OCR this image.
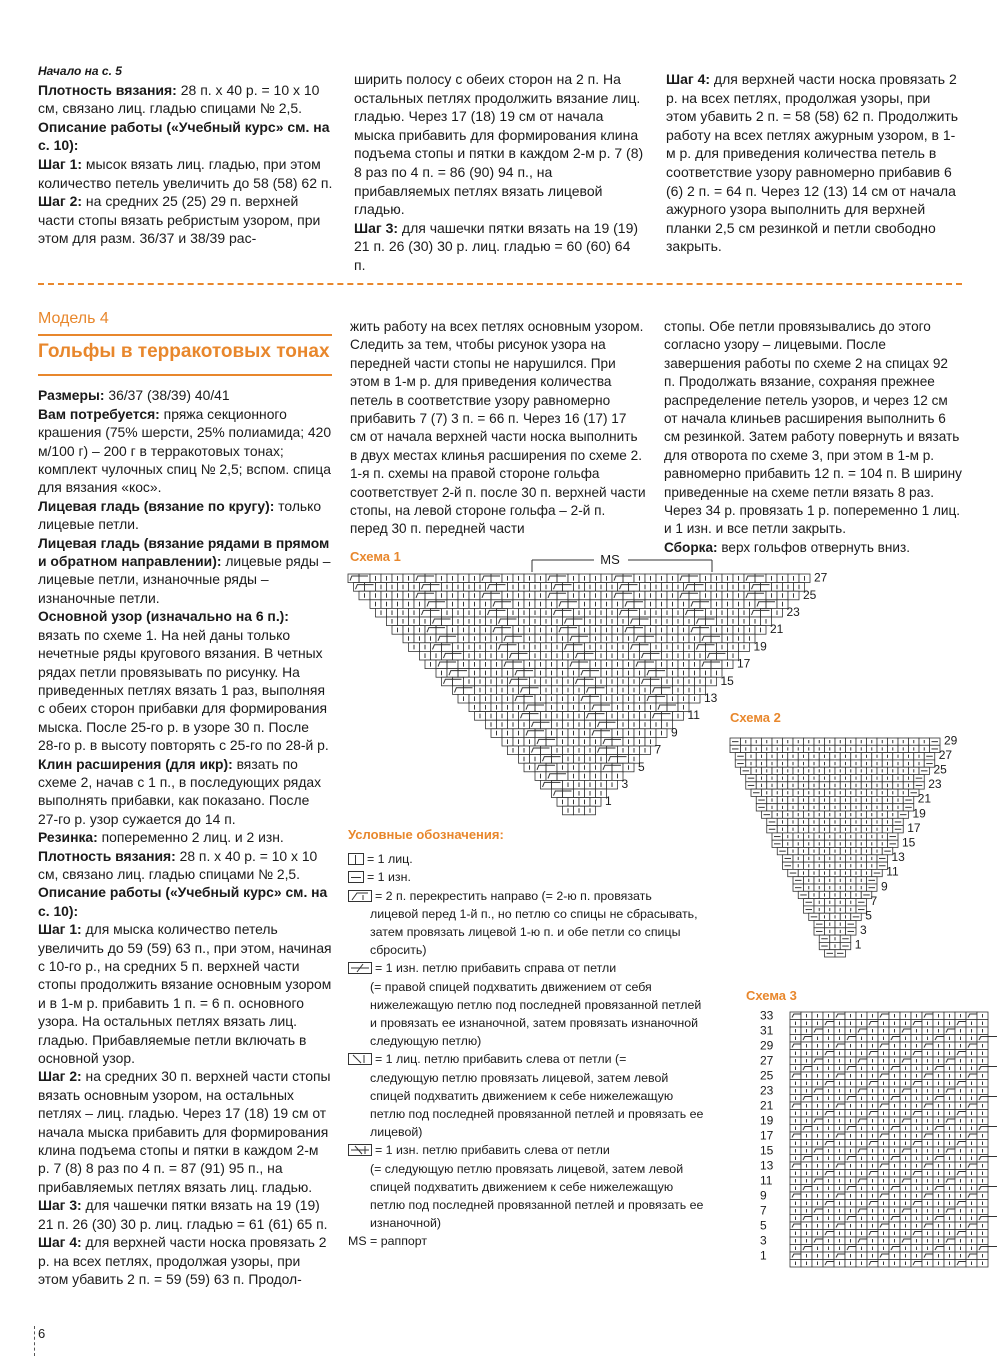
Начало на с. 5

Плотность вязания: 28 п. х 40 р. = 10 х 10 см, связано лиц. гладью спицами № 2,5.

Описание работы («Учебный курс» см. на с. 10):

Шаг 1: мысок вязать лиц. гладью, при этом количество петель увеличить до 58 (58) 62 п.

Шаг 2: на средних 25 (25) 29 п. верхней части стопы вязать ребристым узором, при этом для разм. 36/37 и 38/39 рас-

ширить полосу с обеих сторон на 2 п. На остальных петлях продолжить вязание лиц. гладью. Через 17 (18) 19 см от начала мыска прибавить для формирования клина подъема стопы и пятки в каждом 2-м р. 7 (8) 8 раз по 4 п. = 86 (90) 94 п., на прибавляемых петлях вязать лицевой гладью.

Шаг 3: для чашечки пятки вязать на 19 (19) 21 п. 26 (30) 30 р. лиц. гладью = 60 (60) 64 п.

Шаг 4: для верхней части носка провязать 2 р. на всех петлях, продолжая узоры, при этом убавить 2 п. = 58 (58) 62 п. Продолжить работу на всех петлях ажурным узором, в 1-м р. для приведения количества петель в соответствие узору равномерно прибавив 6 (6) 2 п. = 64 п. Через 12 (13) 14 см от начала ажурного узора выполнить для верхней планки 2,5 см резинкой и петли свободно закрыть.

Модель 4
Гольфы в терракотовых тонах

Размеры: 36/37 (38/39) 40/41

Вам потребуется: пряжа секционного крашения (75% шерсти, 25% полиамида; 420 м/100 г) – 200 г в терракотовых тонах; комплект чулочных спиц № 2,5; вспом. спица для вязания «кос».

Лицевая гладь (вязание по кругу): только лицевые петли.

Лицевая гладь (вязание рядами в прямом и обратном направлении): лицевые ряды – лицевые петли, изнаночные ряды – изнаночные петли.

Основной узор (изначально на 6 п.): вязать по схеме 1. На ней даны только нечетные ряды кругового вязания. В четных рядах петли провязывать по рисунку. На приведенных петлях вязать 1 раз, выполняя с обеих сторон прибавки для формирования мыска. После 25-го р. в узоре 30 п. После 28-го р. в высоту повторять с 25-го по 28-й р.

Клин расширения (для икр): вязать по схеме 2, начав с 1 п., в последующих рядах выполнять прибавки, как показано. После 27-го р. узор сужается до 14 п.

Резинка: попеременно 2 лиц. и 2 изн.

Плотность вязания: 28 п. х 40 р. = 10 х 10 см, связано лиц. гладью спицами № 2,5.

Описание работы («Учебный курс» см. на с. 10):

Шаг 1: для мыска количество петель увеличить до 59 (59) 63 п., при этом, начиная с 10-го р., на средних 5 п. верхней части стопы продолжить вязание основным узором и в 1-м р. прибавить 1 п. = 6 п. основного узора. На остальных петлях вязать лиц. гладью. Прибавляемые петли включать в основной узор.

Шаг 2: на средних 30 п. верхней части стопы вязать основным узором, на остальных петлях – лиц. гладью. Через 17 (18) 19 см от начала мыска прибавить для формирования клина подъема стопы и пятки в каждом 2-м р. 7 (8) 8 раз по 4 п. = 87 (91) 95 п., на прибавляемых петлях вязать лиц. гладью.

Шаг 3: для чашечки пятки вязать на 19 (19) 21 п. 26 (30) 30 р. лиц. гладью = 61 (61) 65 п.

Шаг 4: для верхней части носка провязать 2 р. на всех петлях, продолжая узоры, при этом убавить 2 п. = 59 (59) 63 п. Продол-

жить работу на всех петлях основным узором. Следить за тем, чтобы рисунок узора на передней части стопы не нарушился. При этом в 1-м р. для приведения количества петель в соответствие узору равномерно прибавить 7 (7) 3 п. = 66 п. Через 16 (17) 17 см от начала верхней части носка выполнить в двух местах клинья расширения по схеме 2. 1-я п. схемы на правой стороне гольфа соответствует 2-й п. после 30 п. верхней части стопы, на левой стороне гольфа – 2-й п. перед 30 п. передней части

стопы. Обе петли провязывались до этого согласно узору – лицевыми. После завершения работы по схеме 2 на спицах 92 п. Продолжать вязание, сохраняя прежнее распределение петель узоров, и через 12 см от начала клиньев расширения выполнить 6 см резинкой. Затем работу повернуть и вязать для отворота по схеме 3, при этом в 1-м р. равномерно прибавить 12 п. = 104 п. В ширину приведенные на схеме петли вязать 8 раз. Через 34 р. провязать 1 р. попеременно 1 лиц. и 1 изн. и все петли закрыть.

Сборка: верх гольфов отвернуть вниз.

Схема 1	MS
27
25
23
21
19
17
15
13
11
9
7
5
3
1
Схема 2
29
27
25
23
21
19
17
15
13
11
9
7
5
3
1
Схема 3
33
31
29
27
25
23
21
19
17
15
13
11
9
7
5
3
1
Условные обозначения:
= 1 лиц.
= 1 изн.
= 2 п. перекрестить направо (= 2-ю п. провязать
лицевой перед 1-й п., но петлю со спицы не сбрасывать, затем провязать лицевой 1-ю п. и обе петли со спицы сбросить)
= 1 изн. петлю прибавить справа от петли
(= правой спицей подхватить движением от себя нижележащую петлю под последней провязанной петлей и провязать ее изнаночной, затем провязать изнаночной следующую петлю)
= 1 лиц. петлю прибавить слева от петли (=
следующую петлю провязать лицевой, затем левой спицей подхватить движением к себе нижележащую петлю под последней провязанной петлей и провязать ее лицевой)
= 1 изн. петлю прибавить слева от петли
(= следующую петлю провязать лицевой, затем левой спицей подхватить движением к себе нижележащую петлю под последней провязанной петлей и провязать ее изнаночной)
MS = раппорт
6
